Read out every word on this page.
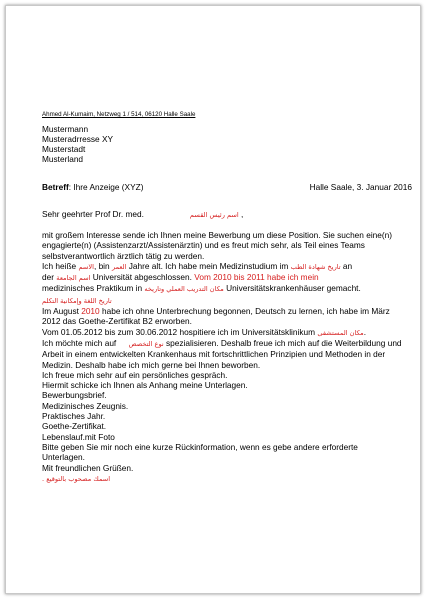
Ahmed Al-Kumaim, Netzweg 1 / 514, 06120 Halle Saale
Mustermann
Musteradrresse XY
Musterstadt
Musterland
Betreff: Ihre Anzeige (XYZ)	Halle Saale, 3. Januar 2016
Sehr geehrter Prof Dr. med.	اسم رئيس القسم ,

mit großem Interesse sende ich Ihnen meine Bewerbung um diese Position. Sie suchen eine(n) engagierte(n) (Assistenzarzt/Assistenärztin) und es freut mich sehr, als Teil eines Teams selbstverantwortlich ärztlich tätig zu werden.

Ich heiße الاسم, bin العمر Jahre alt. Ich habe mein Medizinstudium im تاريخ شهادة الطب an
der اسم الجامعة Universität abgeschlossen. Vom 2010 bis 2011 habe ich mein
medizinisches Praktikum in مكان التدريب العملي وتاريخه Universitätskrankenhäuser gemacht.

تاريخ اللغة وإمكانية التكلم

Im August 2010 habe ich ohne Unterbrechung begonnen, Deutsch zu lernen, ich habe im März 2012 das Goethe-Zertifikat B2 erworben.

Vom 01.05.2012 bis zum 30.06.2012 hospitiere ich im Universitätsklinikum مكان المستشفى.

Ich möchte mich auf نوع التخصص spezialisieren. Deshalb freue ich mich auf die Weiterbildung und Arbeit in einem entwickelten Krankenhaus mit fortschrittlichen Prinzipien und Methoden in der Medizin. Deshalb habe ich mich gerne bei Ihnen beworben.

Ich freue mich sehr auf ein persönliches gespräch.

Hiermit schicke ich Ihnen als Anhang meine Unterlagen.

Bewerbungsbrief.

Medizinisches Zeugnis.

Praktisches Jahr.

Goethe-Zertifikat.

Lebenslauf.mit Foto

Bitte geben Sie mir noch eine kurze Rückinformation, wenn es gebe andere erforderte Unterlagen.

Mit freundlichen Grüßen.

اسمك مصحوب بالتوقيع .
